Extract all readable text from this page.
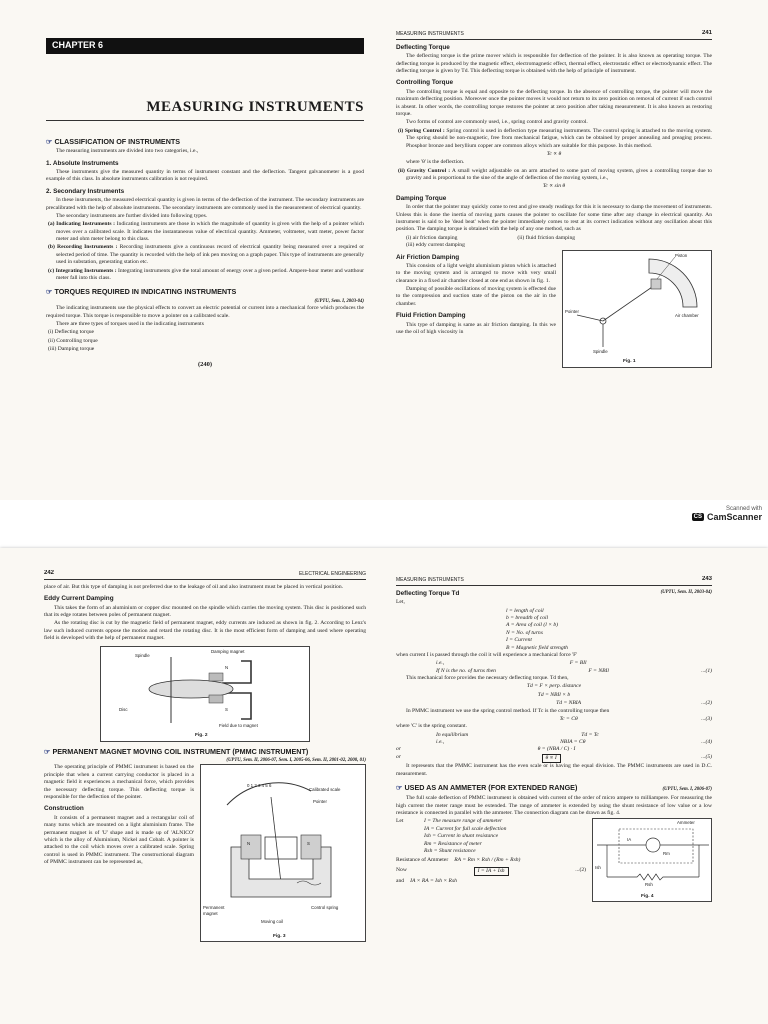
CHAPTER 6
MEASURING INSTRUMENTS
☞ CLASSIFICATION OF INSTRUMENTS

The measuring instruments are divided into two categories, i.e.,

1. Absolute Instruments

These instruments give the measured quantity in terms of instrument constant and the deflection. Tangent galvanometer is a good example of this class. In absolute instruments calibration is not required.

2. Secondary Instruments

In these instruments, the measured electrical quantity is given in terms of the deflection of the instrument. The secondary instruments are precalibrated with the help of absolute instruments. The secondary instruments are commonly used in the measurement of electrical quantity.

The secondary instruments are further divided into following types.

(a) Indicating Instruments : Indicating instruments are those in which the magnitude of quantity is given with the help of a pointer which moves over a calibrated scale. It indicates the instantaneous value of electrical quantity. Ammeter, voltmeter, watt meter, power factor meter and ohm meter belong to this class.
(b) Recording Instruments : Recording instruments give a continuous record of electrical quantity being measured over a required or selected period of time. The quantity is recorded with the help of ink pen moving on a graph paper. This type of instruments are generally used in substation, generating station etc.
(c) Integrating Instruments : Integrating instruments give the total amount of energy over a given period. Ampere-hour meter and watthour meter fall into this class.
☞ TORQUES REQUIRED IN INDICATING INSTRUMENTS
(UPTU, Sem. I, 2003-04)

The indicating instruments use the physical effects to convert an electric potential or current into a mechanical force which produces the required torque. This torque is responsible to move a pointer on a calibrated scale.

There are three types of torques used in the indicating instruments

(i) Deflecting torque
(ii) Controlling torque
(iii) Damping torque
(240)
MEASURING INSTRUMENTS	241
Deflecting Torque

The deflecting torque is the prime mover which is responsible for deflection of the pointer. It is also known as operating torque. The deflecting torque is produced by the magnetic effect, electromagnetic effect, thermal effect, electrostatic effect or electrodynamic effect. The deflecting torque is given by Td. This deflecting torque is obtained with the help of principle of instrument.

Controlling Torque

The controlling torque is equal and opposite to the deflecting torque. In the absence of controlling torque, the pointer will move the maximum deflecting position. Moreover once the pointer moves it would not return to its zero position on removal of current if such control is absent. In other words, the controlling torque restores the pointer at zero position after taking measurement. It is also known as restoring torque.

Two forms of control are commonly used, i.e., spring control and gravity control.

(i) Spring Control : Spring control is used in deflection type measuring instruments. The control spring is attached to the moving system. The spring should be non-magnetic, free from mechanical fatigue, which can be obtained by proper annealing and preaging process. Phosphor bronze and beryllium copper are common alloys which are suitable for this purpose. In this method.
Tc ∝ θ

where 'θ' is the deflection.

(ii) Gravity Control : A small weight adjustable on an arm attached to some part of moving system, gives a controlling torque due to gravity and is proportional to the sine of the angle of deflection of the moving system, i.e.,
Tc ∝ sin θ
Damping Torque

In order that the pointer may quickly come to rest and give steady readings for this it is necessary to damp the movement of instruments. Unless this is done the inertia of moving parts causes the pointer to oscillate for some time after any change in electrical quantity. An instrument is said to be 'dead beat' when the pointer immediately comes to rest at its correct indication without any oscillation about this position. The damping torque is obtained with the help of any one method, such as

(i) air friction damping	(ii) fluid friction damping
(iii) eddy current damping
Air Friction Damping

This consists of a light weight aluminium piston which is attached to the moving system and is arranged to move with very small clearance in a fixed air chamber closed at one end as shown in fig. 1.

Damping of possible oscillations of moving system is effected due to the compression and suction state of the piston on the air in the chamber.

Fluid Friction Damping

This type of damping is same as air friction damping. In this we use the oil of high viscosity in

Piston
Pointer
Air chamber
Spindle
Fig. 1
Scanned with
CS CamScanner
242	ELECTRICAL ENGINEERING

place of air. But this type of damping is not preferred due to the leakage of oil and also instrument must be placed in vertical position.

Eddy Current Damping

This takes the form of an aluminium or copper disc mounted on the spindle which carries the moving system. This disc is positioned such that its edge rotates between poles of permanent magnet.

As the rotating disc is cut by the magnetic field of permanent magnet, eddy currents are induced as shown in fig. 2. According to Lenz's law such induced currents oppose the motion and retard the rotating disc. It is the most efficient form of damping and used where operating field is developed with the help of permanent magnet.

Damping magnet
Spindle
N
S
Disc
Field due to magnet
Fig. 2
☞ PERMANENT MAGNET MOVING COIL INSTRUMENT (PMMC INSTRUMENT)
(UPTU, Sem. II, 2006-07, Sem. I, 2005-06, Sem. II, 2001-02, 2000, 01)

The operating principle of PMMC instrument is based on the principle that when a current carrying conductor is placed in a magnetic field it experiences a mechanical force, which provides the necessary deflecting torque. This deflecting torque is responsible for the deflection of the pointer.

Construction

It consists of a permanent magnet and a rectangular coil of many turns which are mounted on a light aluminium frame. The permanent magnet is of 'U' shape and is made up of 'ALNICO' which is the alloy of Aluminium, Nickel and Cobalt. A pointer is attached to the coil which moves over a calibrated scale. Spring control is used in PMMC instrument. The constructional diagram of PMMC instrument can be represented as,

0 1 2 3 4 5 6
Calibrated scale
Pointer
N	S
Permanent magnet
Control spring
Moving coil
Fig. 3
MEASURING INSTRUMENTS	243
Deflecting Torque Td	(UPTU, Sem. II, 2003-04)

Let,

l = length of coil
b = breadth of coil
A = Area of coil (l × b)
N = No. of turns
I = Current
B = Magnetic field strength

when current I is passed through the coil it will experience a mechanical force 'F'

i.e.,	F = BIl
If N is the no. of turns then	F = NBIl	...(1)

This mechanical force provides the necessary deflecting torque. Td then,

Td = F × perp. distance
Td = NBIl × b
Td = NBIA	...(2)

In PMMC instrument we use the spring control method. If Tc is the controlling torque then

Tc = Cθ	...(3)

where 'C' is the spring constant.

In equilibrium	Td = Tc
i.e.,	NBIA = Cθ	...(4)
or	θ = (NBA / C) · I
or	θ ∝ I	...(5)

It represents that the PMMC instrument has the even scale or is having the equal division. The PMMC instruments are used in D.C. measurement.

☞ USED AS AN AMMETER (FOR EXTENDED RANGE)	(UPTU, Sem. I, 2006-07)

The full scale deflection of PMMC instrument is obtained with current of the order of micro ampere to milliampere. For measuring the high current the meter range must be extended. The range of ammeter is extended by using the shunt resistance of low value or a low resistance is connected in parallel with the ammeter. The connection diagram can be drawn as fig. 4.

Let	I = The measure range of ammeter
IA = Current for full scale deflection
Ish = Current in shunt resistance
Rm = Resistance of meter
Rsh = Shunt resistance
Resistance of Ammeter RA = Rm × Rsh / (Rm + Rsh)
Now	I = IA + Ish	...(2)
and IA × RA = Ish × Rsh
Ammeter
IA
Rm
Ish
Rsh
Fig. 4
